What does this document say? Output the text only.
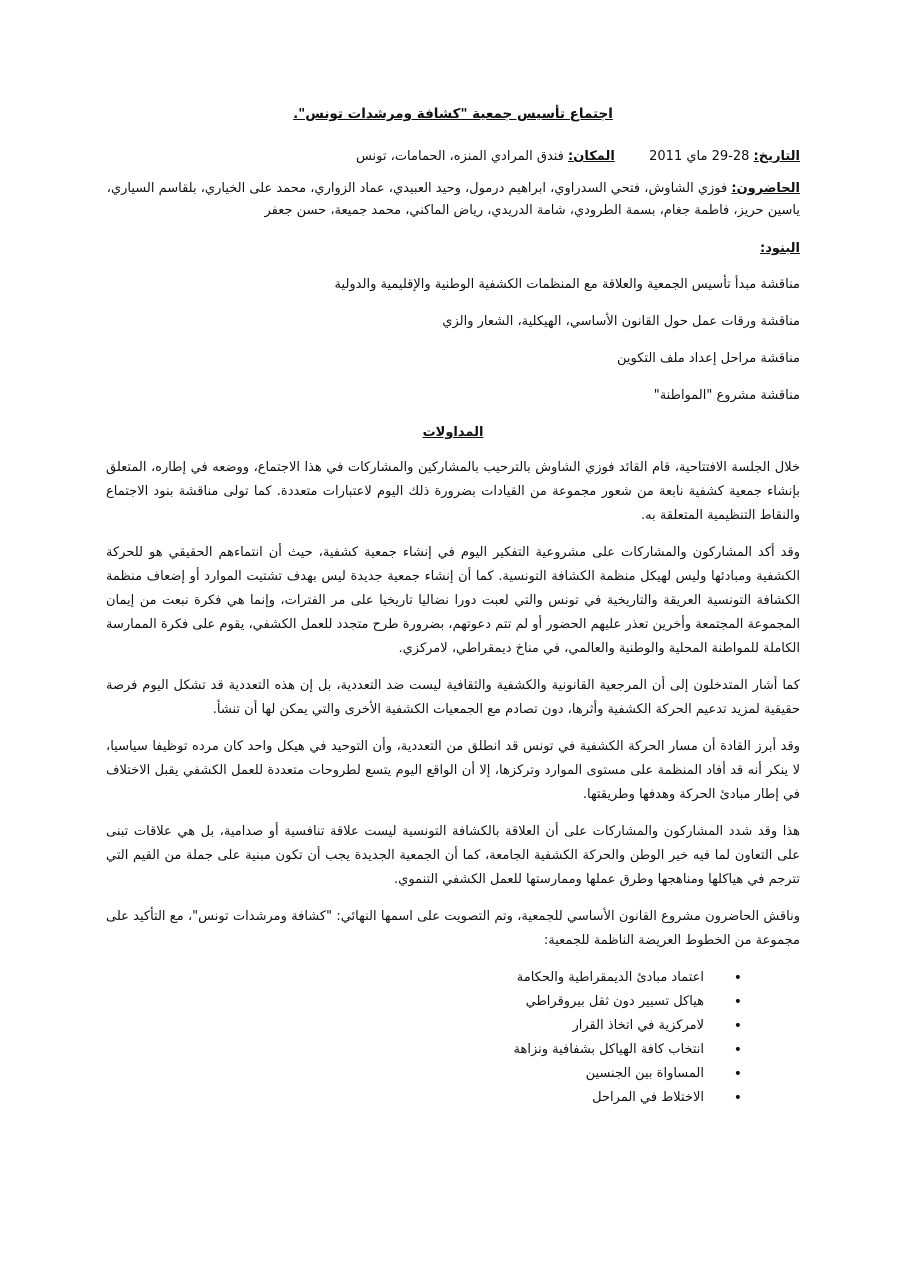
اجتماع تأسيس جمعية "كشافة ومرشدات تونس".
التاريخ: 28-29 ماي 2011  المكان: فندق المرادي المنزه، الحمامات، تونس
الحاضرون: فوزي الشاوش، فتحي السدراوي، ابراهيم درمول، وحيد العبيدي، عماد الزواري، محمد على الخياري، بلقاسم السياري، ياسين حريز، فاطمة جغام، بسمة الطرودي، شامة الدريدي، رياض الماكني، محمد جميعة، حسن جعفر
البنود:
مناقشة مبدأ تأسيس الجمعية والعلاقة مع المنظمات الكشفية الوطنية والإقليمية والدولية
مناقشة ورقات عمل حول القانون الأساسي، الهيكلية، الشعار والزي
مناقشة مراحل إعداد ملف التكوين
مناقشة مشروع "المواطنة"
المداولات

خلال الجلسة الافتتاحية، قام القائد فوزي الشاوش بالترحيب بالمشاركين والمشاركات في هذا الاجتماع، ووضعه في إطاره، المتعلق بإنشاء جمعية كشفية نابعة من شعور مجموعة من القيادات بضرورة ذلك اليوم لاعتبارات متعددة. كما تولى مناقشة بنود الاجتماع والنقاط التنظيمية المتعلقة به.

وقد أكد المشاركون والمشاركات على مشروعية التفكير اليوم في إنشاء جمعية كشفية، حيث أن انتماءهم الحقيقي هو للحركة الكشفية ومبادئها وليس لهيكل منظمة الكشافة التونسية. كما أن إنشاء جمعية جديدة ليس بهدف تشتيت الموارد أو إضعاف منظمة الكشافة التونسية العريقة والتاريخية في تونس والتي لعبت دورا نضاليا تاريخيا على مر الفترات، وإنما هي فكرة نبعت من إيمان المجموعة المجتمعة وأخرين تعذر عليهم الحضور أو لم تتم دعوتهم، بضرورة طرح متجدد للعمل الكشفي، يقوم على فكرة الممارسة الكاملة للمواطنة المحلية والوطنية والعالمي، في مناخ ديمقراطي، لامركزي.

كما أشار المتدخلون إلى أن المرجعية القانونية والكشفية والثقافية ليست ضد التعددية، بل إن هذه التعددية قد تشكل اليوم فرصة حقيقية لمزيد تدعيم الحركة الكشفية وأثرها، دون تصادم مع الجمعيات الكشفية الأخرى والتي يمكن لها أن تنشأ.

وقد أبرز القادة أن مسار الحركة الكشفية في تونس قد انطلق من التعددية، وأن التوحيد في هيكل واحد كان مرده توظيفا سياسيا، لا ينكر أنه قد أفاد المنظمة على مستوى الموارد وتركزها، إلا أن الواقع اليوم يتسع لطروحات متعددة للعمل الكشفي يقبل الاختلاف في إطار مبادئ الحركة وهدفها وطريقتها.

هذا وقد شدد المشاركون والمشاركات على أن العلاقة بالكشافة التونسية ليست علاقة تنافسية أو صدامية، بل هي علاقات تبنى على التعاون لما فيه خير الوطن والحركة الكشفية الجامعة، كما أن الجمعية الجديدة يجب أن تكون مبنية على جملة من القيم التي تترجم في هياكلها ومناهجها وطرق عملها وممارستها للعمل الكشفي التنموي.

وناقش الحاضرون مشروع القانون الأساسي للجمعية، وتم التصويت على اسمها النهائي: "كشافة ومرشدات تونس"، مع التأكيد على مجموعة من الخطوط العريضة الناظمة للجمعية:

• اعتماد مبادئ الديمقراطية والحكامة
• هياكل تسيير دون ثقل بيروقراطي
• لامركزية في اتخاذ القرار
• انتخاب كافة الهياكل بشفافية ونزاهة
• المساواة بين الجنسين
• الاختلاط في المراحل
